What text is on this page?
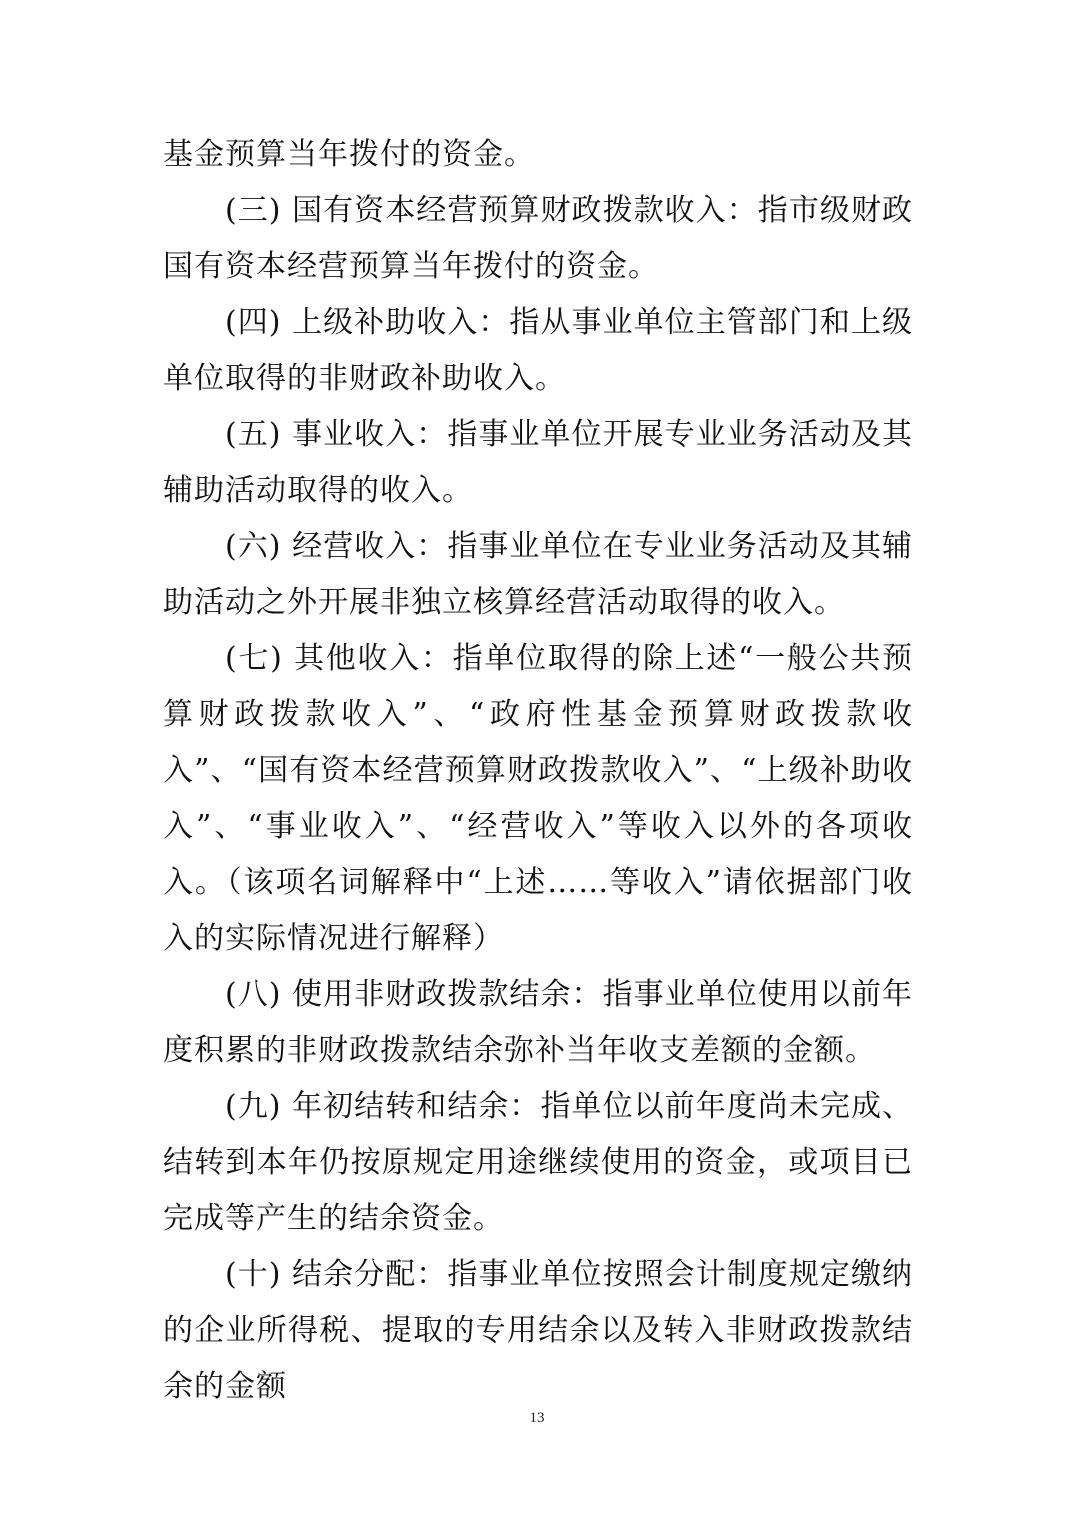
基金预算当年拨付的资金。

(三) 国有资本经营预算财政拨款收入：指市级财政国有资本经营预算当年拨付的资金。

(四) 上级补助收入：指从事业单位主管部门和上级单位取得的非财政补助收入。

(五) 事业收入：指事业单位开展专业业务活动及其辅助活动取得的收入。

(六) 经营收入：指事业单位在专业业务活动及其辅助活动之外开展非独立核算经营活动取得的收入。

(七) 其他收入：指单位取得的除上述“一般公共预算财政拨款收入”、“政府性基金预算财政拨款收入”、“国有资本经营预算财政拨款收入”、“上级补助收入”、“事业收入”、“经营收入”等收入以外的各项收入。（该项名词解释中“上述……等收入”请依据部门收入的实际情况进行解释）

(八) 使用非财政拨款结余：指事业单位使用以前年度积累的非财政拨款结余弥补当年收支差额的金额。

(九) 年初结转和结余：指单位以前年度尚未完成、结转到本年仍按原规定用途继续使用的资金，或项目已完成等产生的结余资金。

(十) 结余分配：指事业单位按照会计制度规定缴纳的企业所得税、提取的专用结余以及转入非财政拨款结余的金额

13
